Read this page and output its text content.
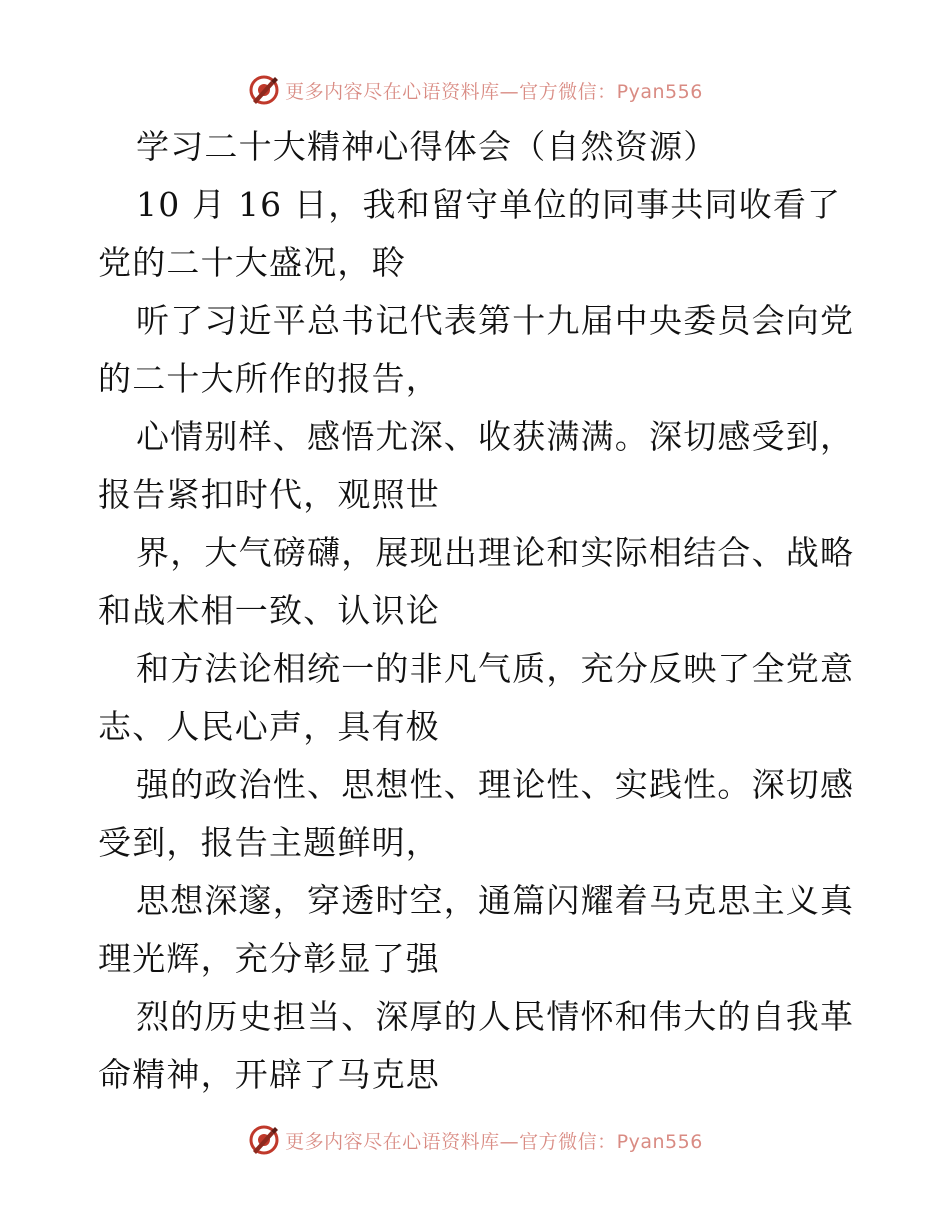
更多内容尽在心语资料库—官方微信：Pyan556
学习二十大精神心得体会（自然资源）
10 月 16 日，我和留守单位的同事共同收看了
党的二十大盛况，聆
听了习近平总书记代表第十九届中央委员会向党
的二十大所作的报告，
心情别样、感悟尤深、收获满满。深切感受到，
报告紧扣时代，观照世
界，大气磅礴，展现出理论和实际相结合、战略
和战术相一致、认识论
和方法论相统一的非凡气质，充分反映了全党意
志、人民心声，具有极
强的政治性、思想性、理论性、实践性。深切感
受到，报告主题鲜明，
思想深邃，穿透时空，通篇闪耀着马克思主义真
理光辉，充分彰显了强
烈的历史担当、深厚的人民情怀和伟大的自我革
命精神，开辟了马克思
更多内容尽在心语资料库—官方微信：Pyan556
